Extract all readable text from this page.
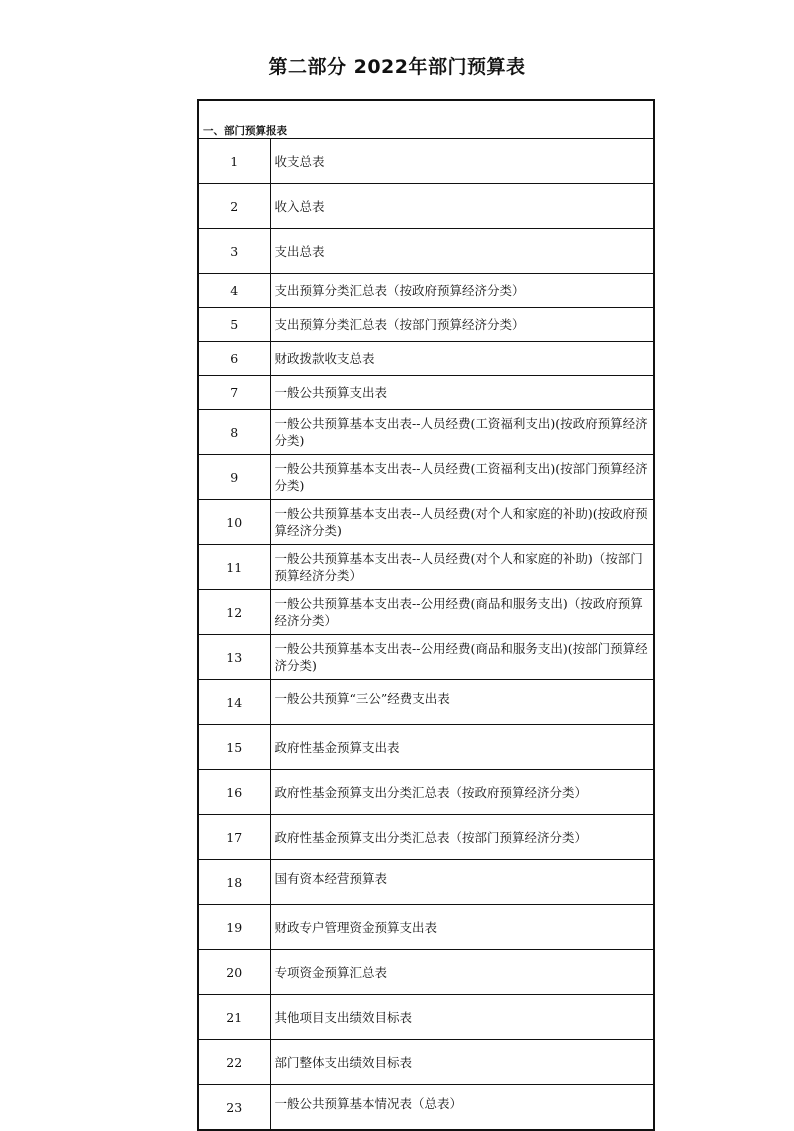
第二部分 2022年部门预算表
一、部门预算报表	
1	收支总表
2	收入总表
3	支出总表
4	支出预算分类汇总表（按政府预算经济分类）
5	支出预算分类汇总表（按部门预算经济分类）
6	财政拨款收支总表
7	一般公共预算支出表
8	一般公共预算基本支出表--人员经费(工资福利支出)(按政府预算经济分类)
9	一般公共预算基本支出表--人员经费(工资福利支出)(按部门预算经济分类)
10	一般公共预算基本支出表--人员经费(对个人和家庭的补助)(按政府预算经济分类)
11	一般公共预算基本支出表--人员经费(对个人和家庭的补助)（按部门预算经济分类）
12	一般公共预算基本支出表--公用经费(商品和服务支出)（按政府预算经济分类）
13	一般公共预算基本支出表--公用经费(商品和服务支出)(按部门预算经济分类)
14	一般公共预算“三公”经费支出表
15	政府性基金预算支出表
16	政府性基金预算支出分类汇总表（按政府预算经济分类）
17	政府性基金预算支出分类汇总表（按部门预算经济分类）
18	国有资本经营预算表
19	财政专户管理资金预算支出表
20	专项资金预算汇总表
21	其他项目支出绩效目标表
22	部门整体支出绩效目标表
23	一般公共预算基本情况表（总表）
